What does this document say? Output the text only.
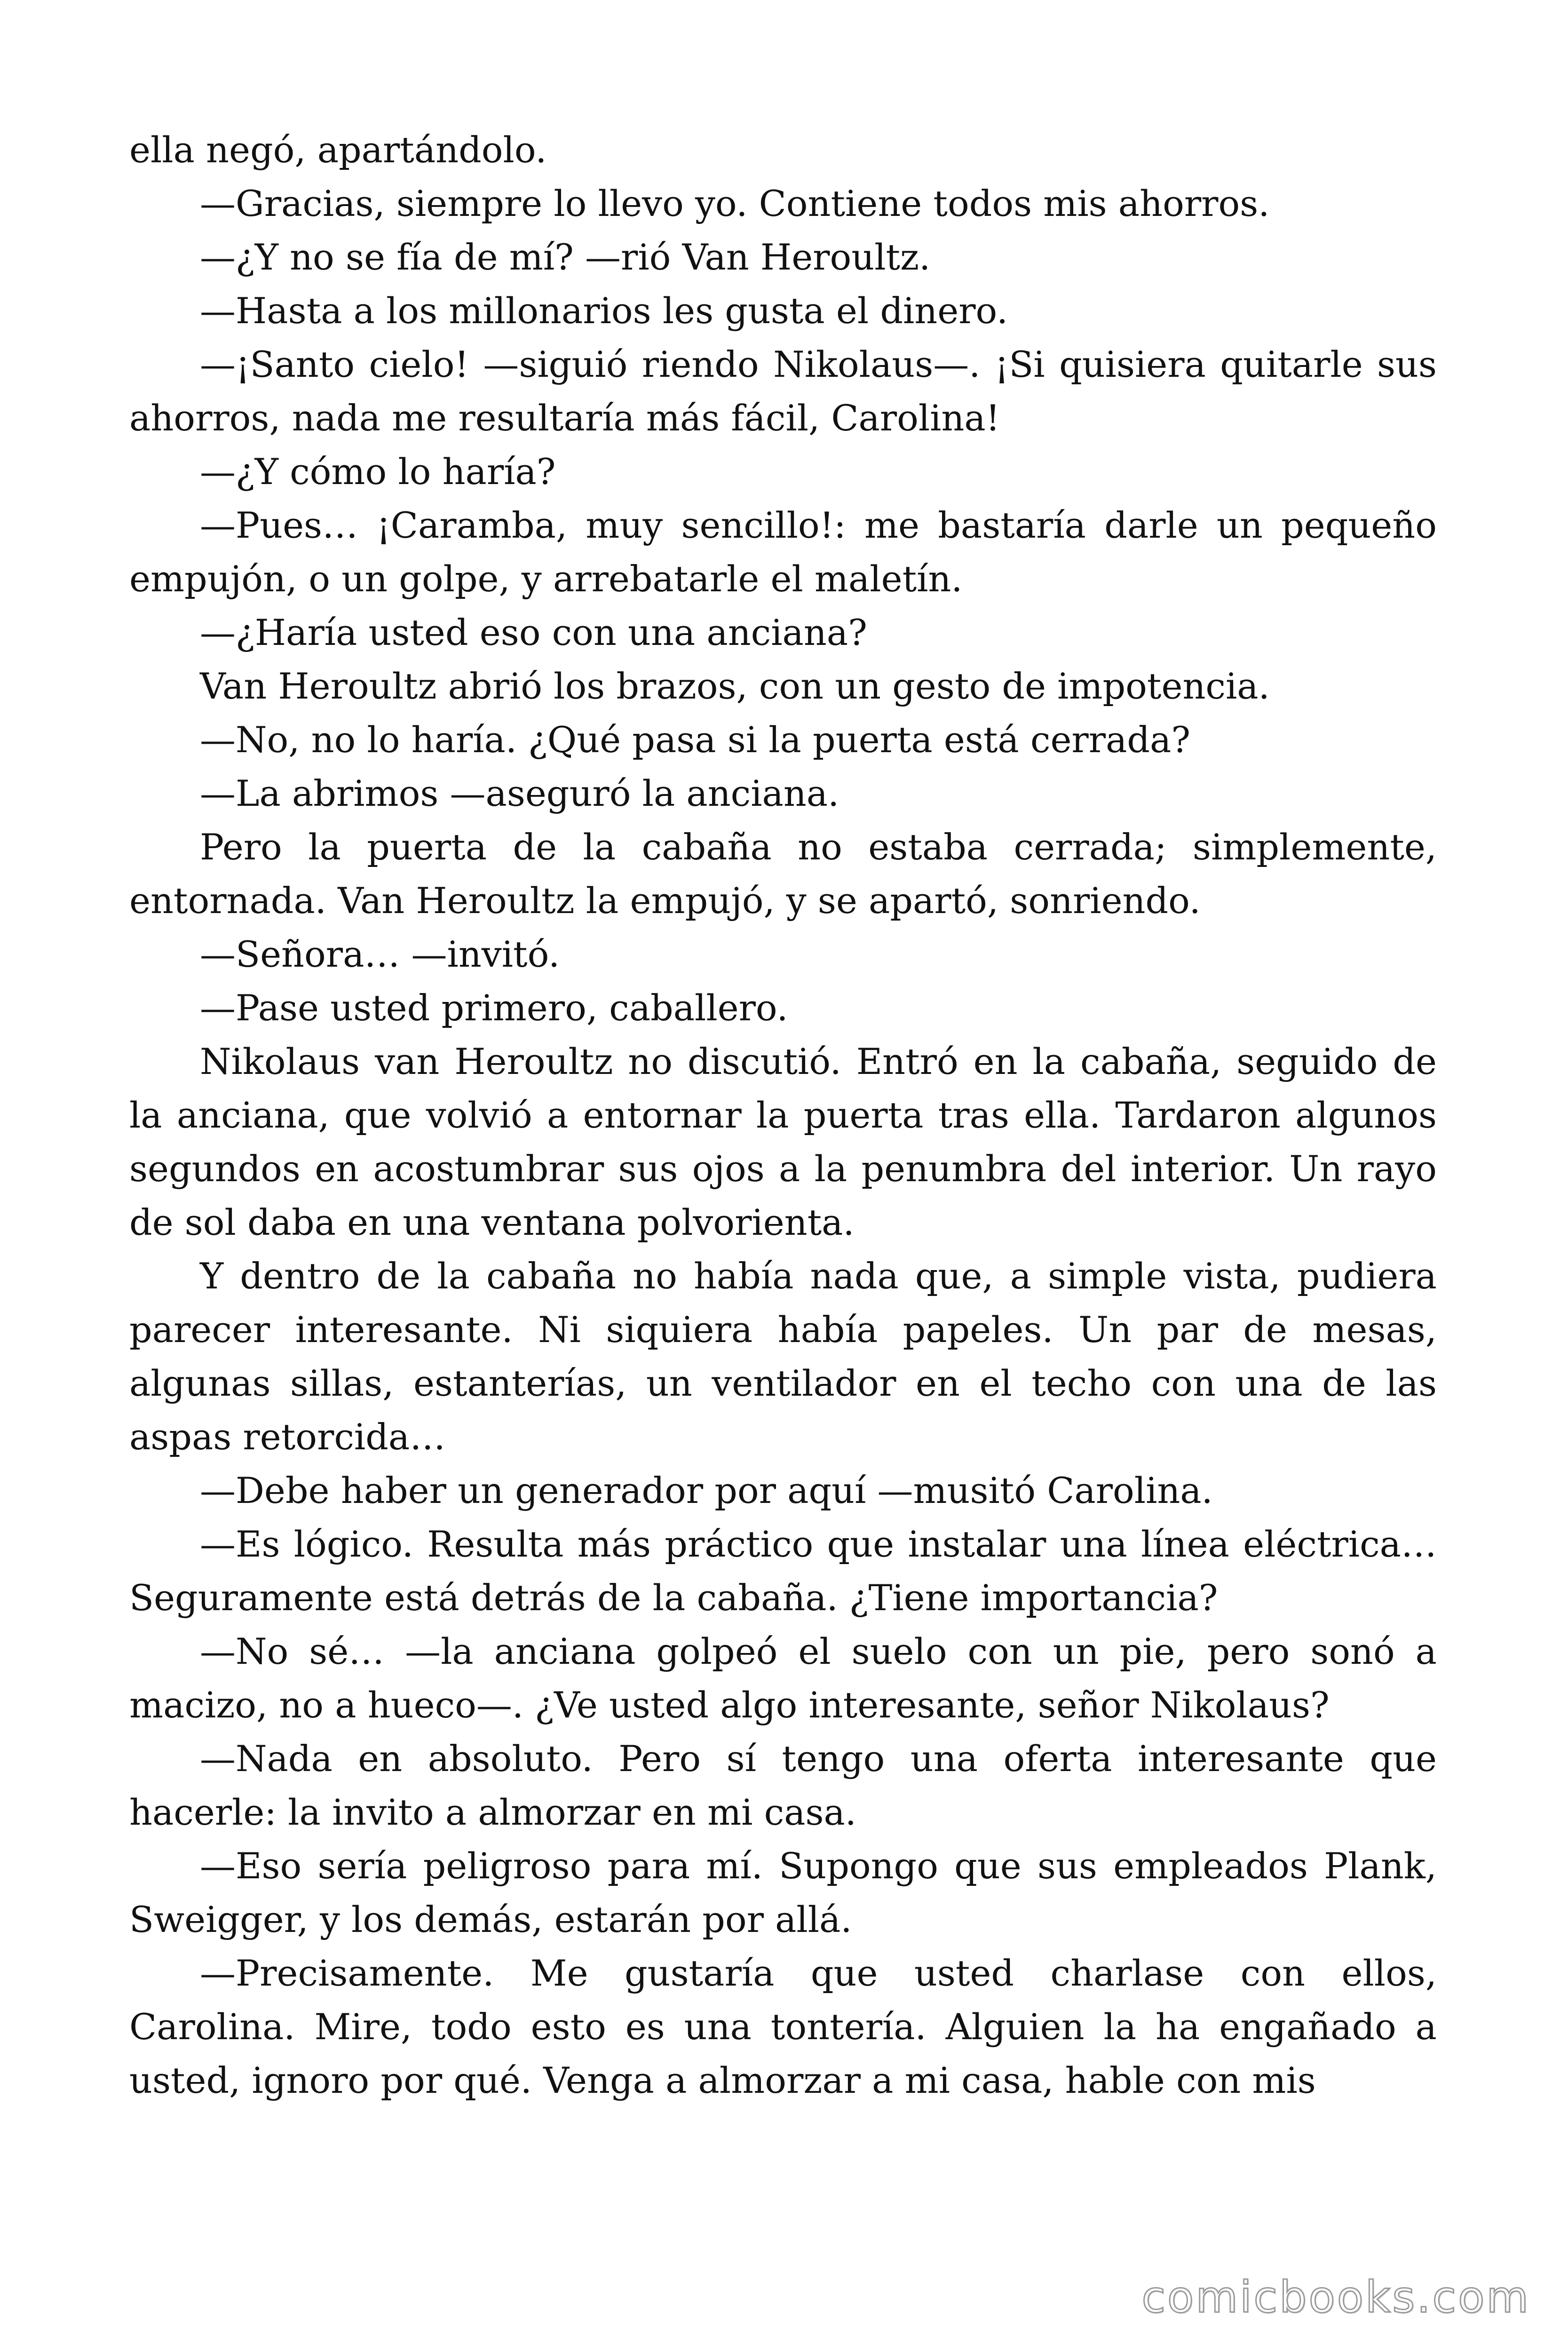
ella negó, apartándolo.

—Gracias, siempre lo llevo yo. Contiene todos mis ahorros.

—¿Y no se fía de mí? —rió Van Heroultz.

—Hasta a los millonarios les gusta el dinero.

—¡Santo cielo! —siguió riendo Nikolaus—. ¡Si quisiera quitarle sus ahorros, nada me resultaría más fácil, Carolina!

—¿Y cómo lo haría?

—Pues… ¡Caramba, muy sencillo!: me bastaría darle un pequeño empujón, o un golpe, y arrebatarle el maletín.

—¿Haría usted eso con una anciana?

Van Heroultz abrió los brazos, con un gesto de impotencia.

—No, no lo haría. ¿Qué pasa si la puerta está cerrada?

—La abrimos —aseguró la anciana.

Pero la puerta de la cabaña no estaba cerrada; simplemente, entornada. Van Heroultz la empujó, y se apartó, sonriendo.

—Señora… —invitó.

—Pase usted primero, caballero.

Nikolaus van Heroultz no discutió. Entró en la cabaña, seguido de la anciana, que volvió a entornar la puerta tras ella. Tardaron algunos segundos en acostumbrar sus ojos a la penumbra del interior. Un rayo de sol daba en una ventana polvorienta.

Y dentro de la cabaña no había nada que, a simple vista, pudiera parecer interesante. Ni siquiera había papeles. Un par de mesas, algunas sillas, estanterías, un ventilador en el techo con una de las aspas retorcida…

—Debe haber un generador por aquí —musitó Carolina.

—Es lógico. Resulta más práctico que instalar una línea eléctrica… Seguramente está detrás de la cabaña. ¿Tiene importancia?

—No sé… —la anciana golpeó el suelo con un pie, pero sonó a macizo, no a hueco—. ¿Ve usted algo interesante, señor Nikolaus?

—Nada en absoluto. Pero sí tengo una oferta interesante que hacerle: la invito a almorzar en mi casa.

—Eso sería peligroso para mí. Supongo que sus empleados Plank, Sweigger, y los demás, estarán por allá.

—Precisamente. Me gustaría que usted charlase con ellos, Carolina. Mire, todo esto es una tontería. Alguien la ha engañado a usted, ignoro por qué. Venga a almorzar a mi casa, hable con mis

comicbooks.com
